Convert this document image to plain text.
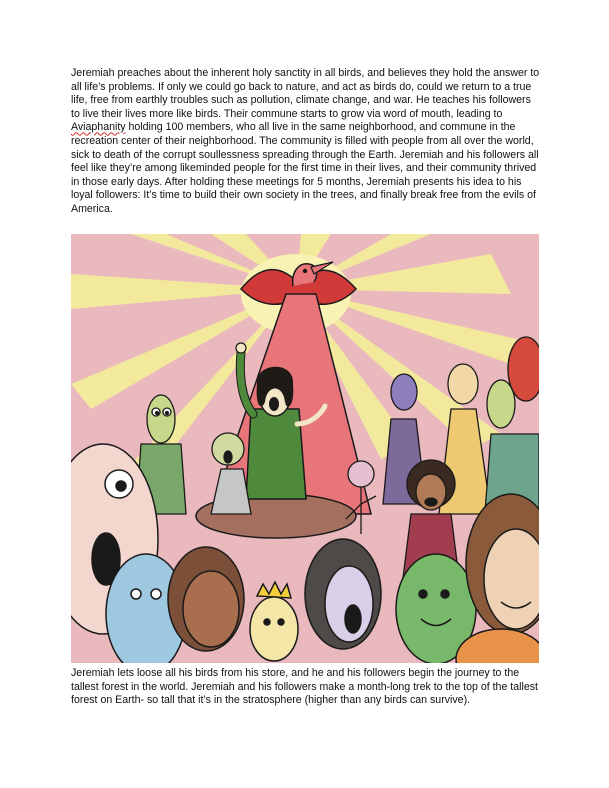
Jeremiah preaches about the inherent holy sanctity in all birds, and believes they hold the answer to all life’s problems. If only we could go back to nature, and act as birds do, could we return to a true life, free from earthly troubles such as pollution, climate change, and war. He teaches his followers to live their lives more like birds. Their commune starts to grow via word of mouth, leading to Aviaphanity holding 100 members, who all live in the same neighborhood, and commune in the recreation center of their neighborhood. The community is filled with people from all over the world, sick to death of the corrupt soullessness spreading through the Earth. Jeremiah and his followers all feel like they’re among likeminded people for the first time in their lives, and their community thrived in those early days. After holding these meetings for 5 months, Jeremiah presents his idea to his loyal followers: It’s time to build their own society in the trees, and finally break free from the evils of America.

Jeremiah lets loose all his birds from his store, and he and his followers begin the journey to the tallest forest in the world. Jeremiah and his followers make a month-long trek to the top of the tallest forest on Earth- so tall that it’s in the stratosphere (higher than any birds can survive).
